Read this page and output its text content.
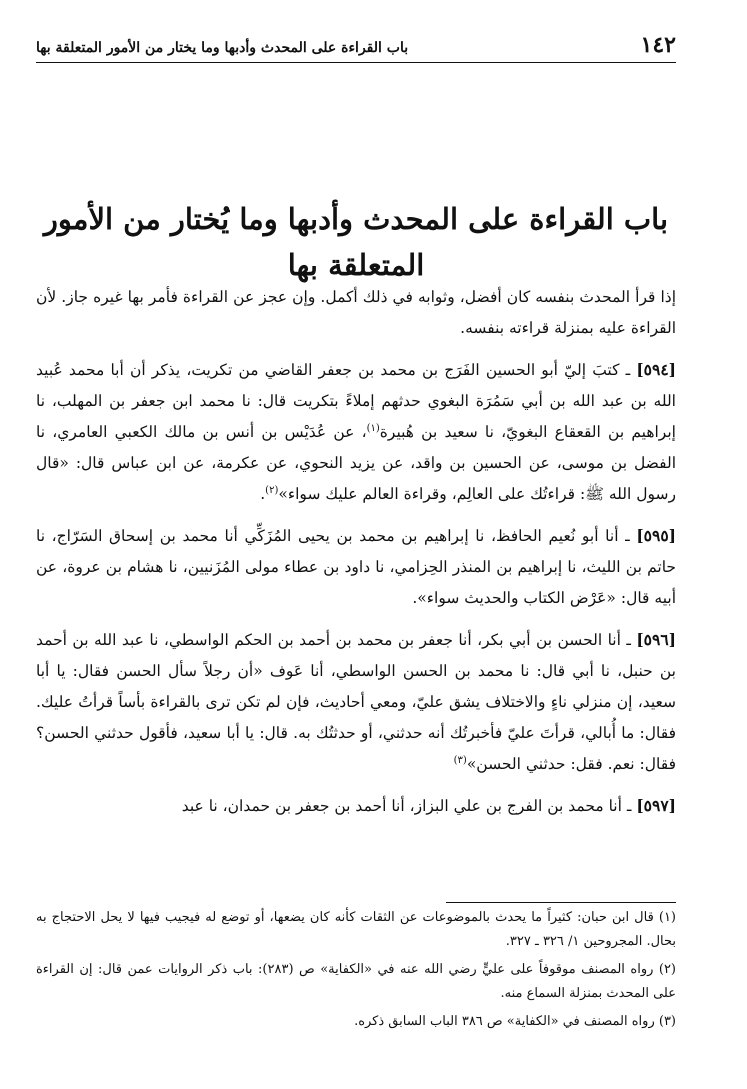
١٤٢
باب القراءة على المحدث وأدبها وما يختار من الأمور المتعلقة بها
باب القراءة على المحدث وأدبها وما يُختار من الأمور المتعلقة بها

إذا قرأ المحدث بنفسه كان أفضل، وثوابه في ذلك أكمل. وإن عجز عن القراءة فأمر بها غيره جاز. لأن القراءة عليه بمنزلة قراءته بنفسه.

[٥٩٤] ـ كتبَ إليّ أبو الحسين الفَرَج بن محمد بن جعفر القاضي من تكريت، يذكر أن أبا محمد عُبيد الله بن عبد الله بن أبي سَمُرَة البغوي حدثهم إملاءً بتكريت قال: نا محمد ابن جعفر بن المهلب، نا إبراهيم بن القعقاع البغويّ، نا سعيد بن هُبيرة$^{(١)}$، عن عُدَيْس بن أنس بن مالك الكعبي العامري، نا الفضل بن موسى، عن الحسين بن واقد، عن يزيد النحوي، عن عكرمة، عن ابن عباس قال: «قال رسول الله ﷺ: قراءتُك على العالِم، وقراءة العالم عليك سواء»$^{(٢)}$.

[٥٩٥] ـ أنا أبو نُعيم الحافظ، نا إبراهيم بن محمد بن يحيى المُزَكِّي أنا محمد بن إسحاق السَرّاج، نا حاتم بن الليث، نا إبراهيم بن المنذر الحِزامي، نا داود بن عطاء مولى المُزَنيين، نا هشام بن عروة، عن أبيه قال: «عَرْض الكتاب والحديث سواء».

[٥٩٦] ـ أنا الحسن بن أبي بكر، أنا جعفر بن محمد بن أحمد بن الحكم الواسطي، نا عبد الله بن أحمد بن حنبل، نا أبي قال: نا محمد بن الحسن الواسطي، أنا عَوف «أن رجلاً سأل الحسن فقال: يا أبا سعيد، إن منزلي ناءٍ والاختلاف يشق عليّ، ومعي أحاديث، فإن لم تكن ترى بالقراءة بأساً قرأتُ عليك. فقال: ما أُبالي، قرأتَ عليّ فأخبرتُك أنه حدثني، أو حدثتُك به. قال: يا أبا سعيد، فأقول حدثني الحسن؟ فقال: نعم. فقل: حدثني الحسن»$^{(٣)}$

[٥٩٧] ـ أنا محمد بن الفرج بن علي البزاز، أنا أحمد بن جعفر بن حمدان، نا عبد

(١) قال ابن حبان: كثيراً ما يحدث بالموضوعات عن الثقات كأنه كان يضعها، أو توضع له فيجيب فيها لا يحل الاحتجاج به بحال. المجروحين ١/ ٣٢٦ ـ ٣٢٧.

(٢) رواه المصنف موقوفاً على عليٍّ رضي الله عنه في «الكفاية» ص (٢٨٣): باب ذكر الروايات عمن قال: إن القراءة على المحدث بمنزلة السماع منه.

(٣) رواه المصنف في «الكفاية» ص ٣٨٦ الباب السابق ذكره.
